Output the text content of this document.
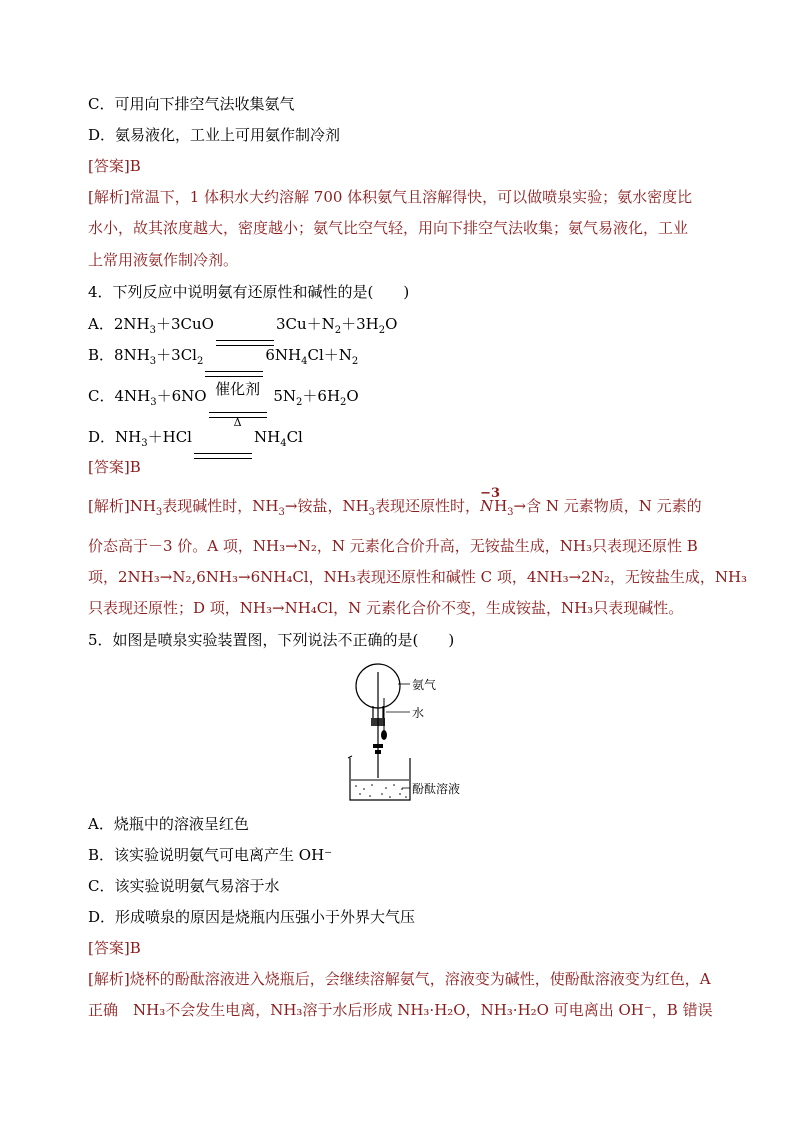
C．可用向下排空气法收集氨气
D．氨易液化，工业上可用氨作制冷剂
[答案]B
[解析]常温下，1 体积水大约溶解 700 体积氨气且溶解得快，可以做喷泉实验；氨水密度比
水小，故其浓度越大，密度越小；氨气比空气轻，用向下排空气法收集；氨气易液化，工业
上常用液氨作制冷剂。
4．下列反应中说明氨有还原性和碱性的是(　　)
A．$2NH_3+3CuO$	$3Cu+N_2+3H_2O$
B．$8NH_3+3Cl_2$	$6NH_4Cl+N_2$
C．$4NH_3+6NO$ 催化剂
Δ
$5N_2+6H_2O$
D．$NH_3+HCl$	$NH_4Cl$
[答案]B
[解析]$NH_3$表现碱性时，$NH_3\to$铵盐，$NH_3$表现还原性时，
−3
$NH_3\to$含 N 元素物质，N 元素的
价态高于－3 价。A 项，NH₃→N₂，N 元素化合价升高，无铵盐生成，NH₃只表现还原性 B
项，2NH₃→N₂,6NH₃→6NH₄Cl，NH₃表现还原性和碱性 C 项，4NH₃→2N₂，无铵盐生成，NH₃
只表现还原性；D 项，NH₃→NH₄Cl，N 元素化合价不变，生成铵盐，NH₃只表现碱性。
5．如图是喷泉实验装置图，下列说法不正确的是(　　)
氨气
水
酚酞溶液
A．烧瓶中的溶液呈红色
B．该实验说明氨气可电离产生 OH⁻
C．该实验说明氨气易溶于水
D．形成喷泉的原因是烧瓶内压强小于外界大气压
[答案]B
[解析]烧杯的酚酞溶液进入烧瓶后，会继续溶解氨气，溶液变为碱性，使酚酞溶液变为红色，A
正确　NH₃不会发生电离，NH₃溶于水后形成 NH₃·H₂O，NH₃·H₂O 可电离出 OH⁻，B 错误
